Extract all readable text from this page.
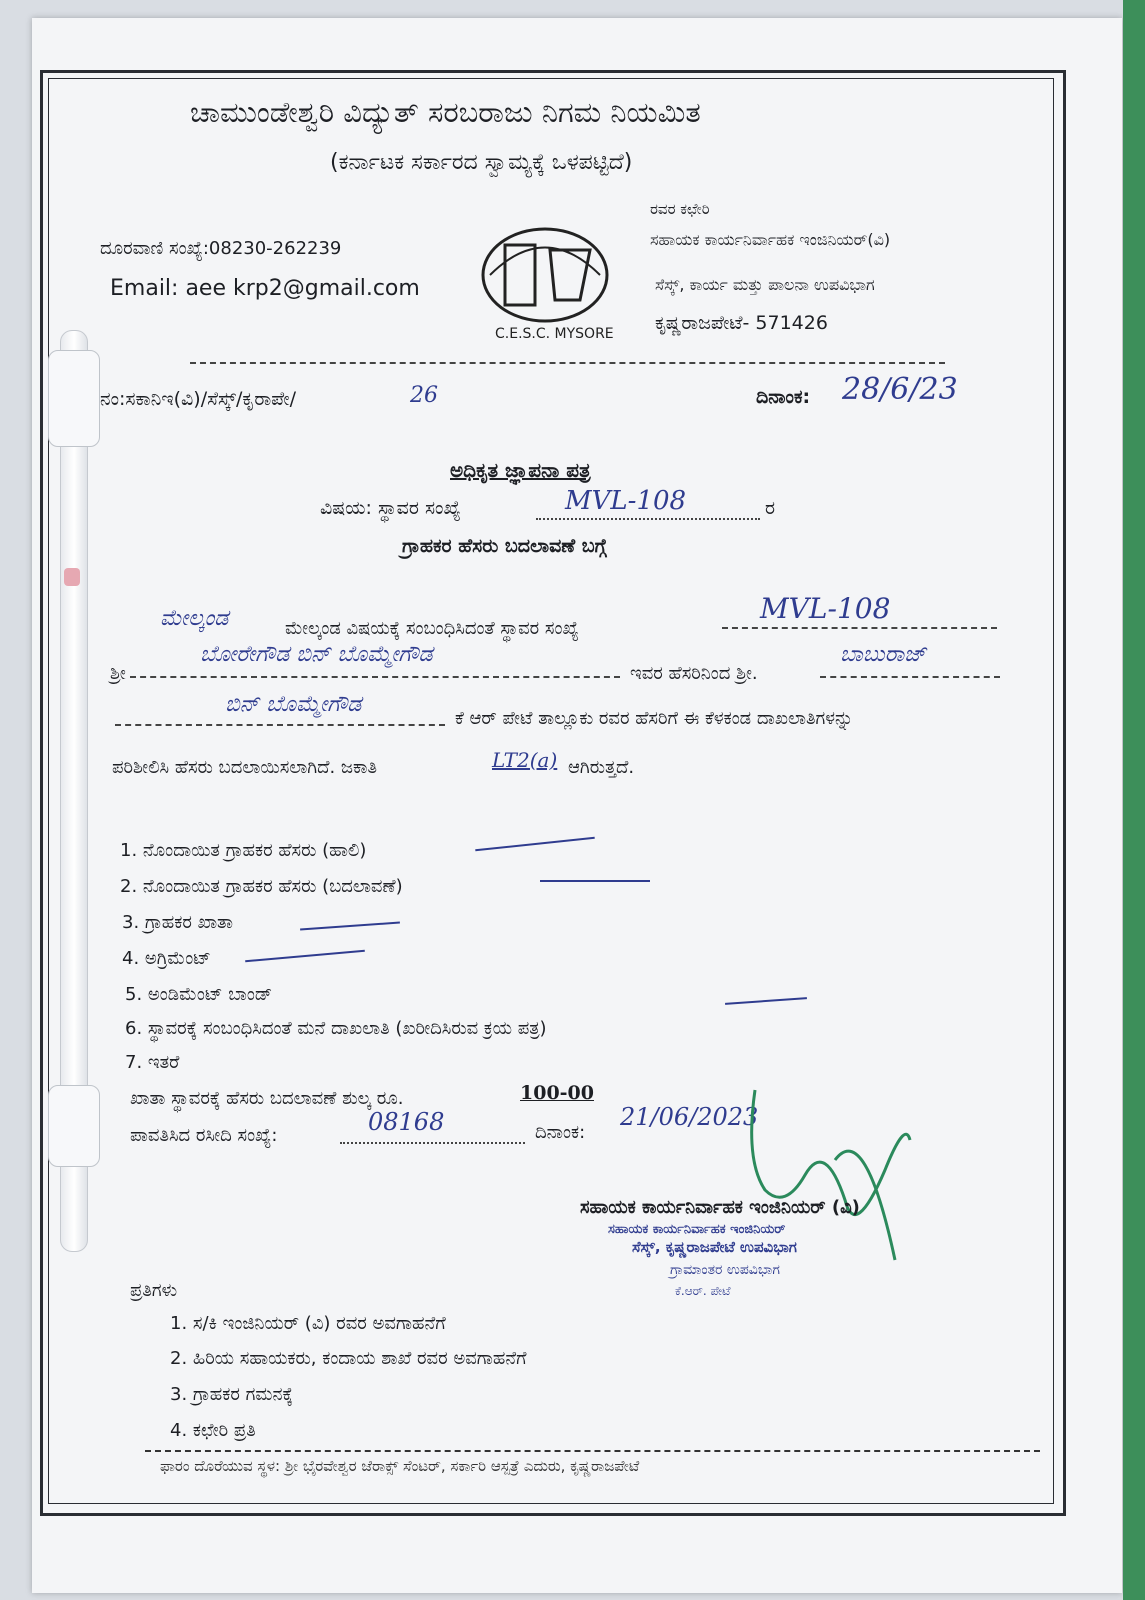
ಚಾಮುಂಡೇಶ್ವರಿ ವಿದ್ಯುತ್ ಸರಬರಾಜು ನಿಗಮ ನಿಯಮಿತ
(ಕರ್ನಾಟಕ ಸರ್ಕಾರದ ಸ್ವಾಮ್ಯಕ್ಕೆ ಒಳಪಟ್ಟಿದೆ)
ದೂರವಾಣಿ ಸಂಖ್ಯೆ:08230-262239
Email: aee krp2@gmail.com
C.E.S.C. MYSORE
ರವರ ಕಛೇರಿ
ಸಹಾಯಕ ಕಾರ್ಯನಿರ್ವಾಹಕ ಇಂಜಿನಿಯರ್(ವಿ)
ಸೆಸ್ಕ್, ಕಾರ್ಯ ಮತ್ತು ಪಾಲನಾ ಉಪವಿಭಾಗ
ಕೃಷ್ಣರಾಜಪೇಟೆ- 571426
ನಂ:ಸಕಾನಿಇ(ವಿ)/ಸೆಸ್ಕ್/ಕೃರಾಪೇ/	26	ದಿನಾಂಕ: 28/6/23
ಅಧಿಕೃತ ಜ್ಞಾಪನಾ ಪತ್ರ
ವಿಷಯ: ಸ್ಥಾವರ ಸಂಖ್ಯೆ	MVL-108	ರ
ಗ್ರಾಹಕರ ಹೆಸರು ಬದಲಾವಣೆ ಬಗ್ಗೆ
ಮೇಲ್ಕಂಡ	ಮೇಲ್ಕಂಡ ವಿಷಯಕ್ಕೆ ಸಂಬಂಧಿಸಿದಂತೆ ಸ್ಥಾವರ ಸಂಖ್ಯೆ
MVL-108
ಶ್ರೀ
ಬೋರೇಗೌಡ ಬಿನ್ ಬೊಮ್ಮೇಗೌಡ
ಇವರ ಹೆಸರಿನಿಂದ ಶ್ರೀ.
ಬಾಬುರಾಜ್
ಬಿನ್ ಬೊಮ್ಮೇಗೌಡ
ಕೆ ಆರ್ ಪೇಟೆ ತಾಲ್ಲೂಕು ರವರ ಹೆಸರಿಗೆ ಈ ಕೆಳಕಂಡ ದಾಖಲಾತಿಗಳನ್ನು
ಪರಿಶೀಲಿಸಿ ಹೆಸರು ಬದಲಾಯಿಸಲಾಗಿದೆ. ಜಕಾತಿ	LT2(a) ಆಗಿರುತ್ತದೆ.
1. ನೊಂದಾಯಿತ ಗ್ರಾಹಕರ ಹೆಸರು (ಹಾಲಿ)
2. ನೊಂದಾಯಿತ ಗ್ರಾಹಕರ ಹೆಸರು (ಬದಲಾವಣೆ)
3. ಗ್ರಾಹಕರ ಖಾತಾ
4. ಅಗ್ರಿಮೆಂಟ್
5. ಅಂಡಿಮೆಂಟ್ ಬಾಂಡ್
6. ಸ್ಥಾವರಕ್ಕೆ ಸಂಬಂಧಿಸಿದಂತೆ ಮನೆ ದಾಖಲಾತಿ (ಖರೀದಿಸಿರುವ ಕ್ರಯ ಪತ್ರ)
7. ಇತರೆ
ಖಾತಾ ಸ್ಥಾವರಕ್ಕೆ ಹೆಸರು ಬದಲಾವಣೆ ಶುಲ್ಕ ರೂ.	100-00
ಪಾವತಿಸಿದ ರಸೀದಿ ಸಂಖ್ಯೆ:	08168	ದಿನಾಂಕ:
21/06/2023
ಸಹಾಯಕ ಕಾರ್ಯನಿರ್ವಾಹಕ ಇಂಜಿನಿಯರ್ (ವಿ)
ಸಹಾಯಕ ಕಾರ್ಯನಿರ್ವಾಹಕ ಇಂಜಿನಿಯರ್
ಸೆಸ್ಕ್, ಕೃಷ್ಣರಾಜಪೇಟೆ ಉಪವಿಭಾಗ
ಗ್ರಾಮಾಂತರ ಉಪವಿಭಾಗ
ಕೆ.ಆರ್. ಪೇಟೆ
ಪ್ರತಿಗಳು
1. ಸ/ಕಿ ಇಂಜಿನಿಯರ್ (ವಿ) ರವರ ಅವಗಾಹನೆಗೆ
2. ಹಿರಿಯ ಸಹಾಯಕರು, ಕಂದಾಯ ಶಾಖೆ ರವರ ಅವಗಾಹನೆಗೆ
3. ಗ್ರಾಹಕರ ಗಮನಕ್ಕೆ
4. ಕಛೇರಿ ಪ್ರತಿ
ಫಾರಂ ದೊರೆಯುವ ಸ್ಥಳ: ಶ್ರೀ ಭೈರವೇಶ್ವರ ಜೆರಾಕ್ಸ್ ಸೆಂಟರ್, ಸರ್ಕಾರಿ ಆಸ್ಪತ್ರೆ ಎದುರು, ಕೃಷ್ಣರಾಜಪೇಟೆ
